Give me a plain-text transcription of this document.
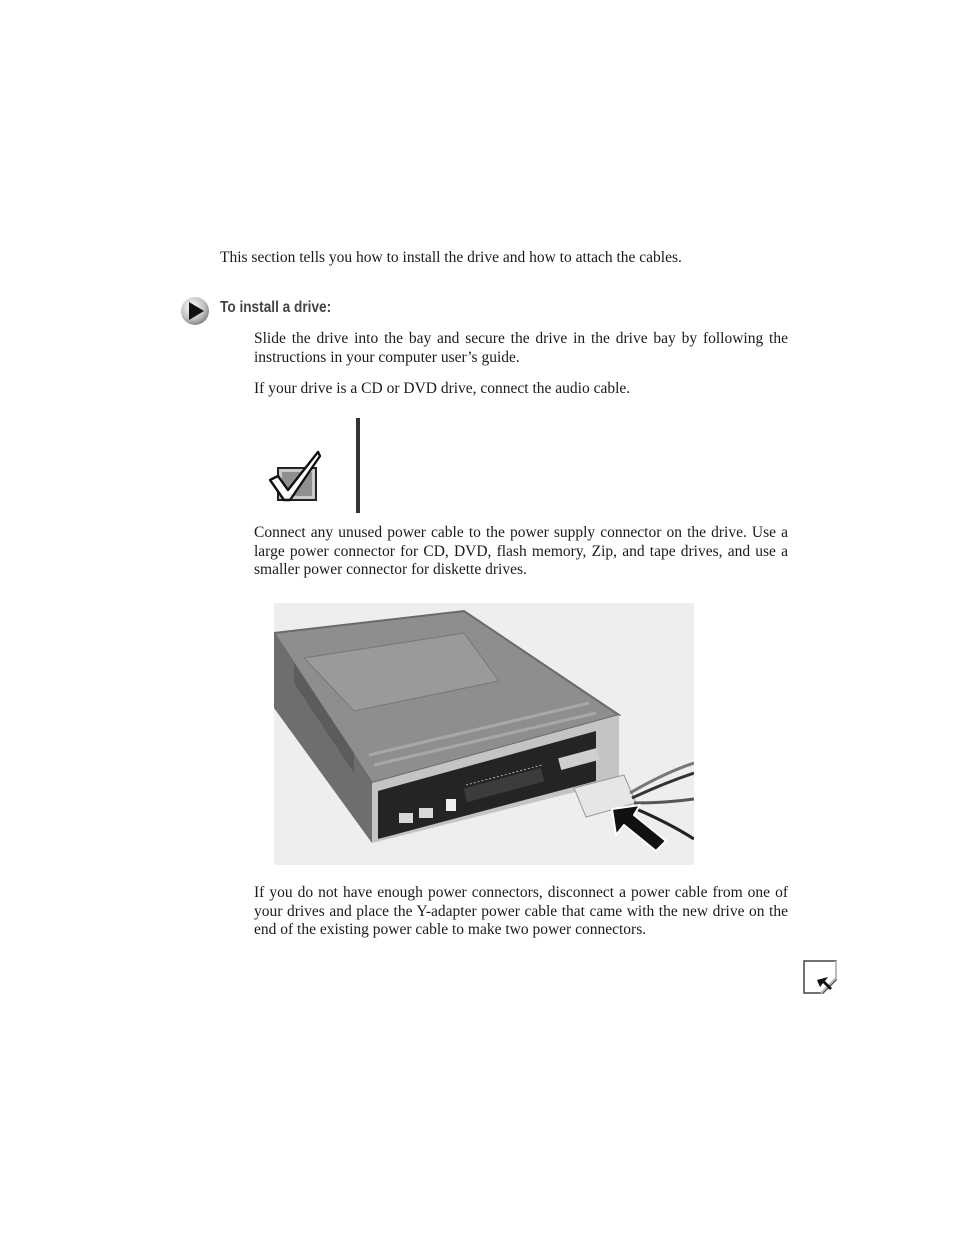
This section tells you how to install the drive and how to attach the cables.

To install a drive:

Slide the drive into the bay and secure the drive in the drive bay by following the instructions in your computer user’s guide.

If your drive is a CD or DVD drive, connect the audio cable.

Connect any unused power cable to the power supply connector on the drive. Use a large power connector for CD, DVD, flash memory, Zip, and tape drives, and use a smaller power connector for diskette drives.

If you do not have enough power connectors, disconnect a power cable from one of your drives and place the Y-adapter power cable that came with the new drive on the end of the existing power cable to make two power connectors.
